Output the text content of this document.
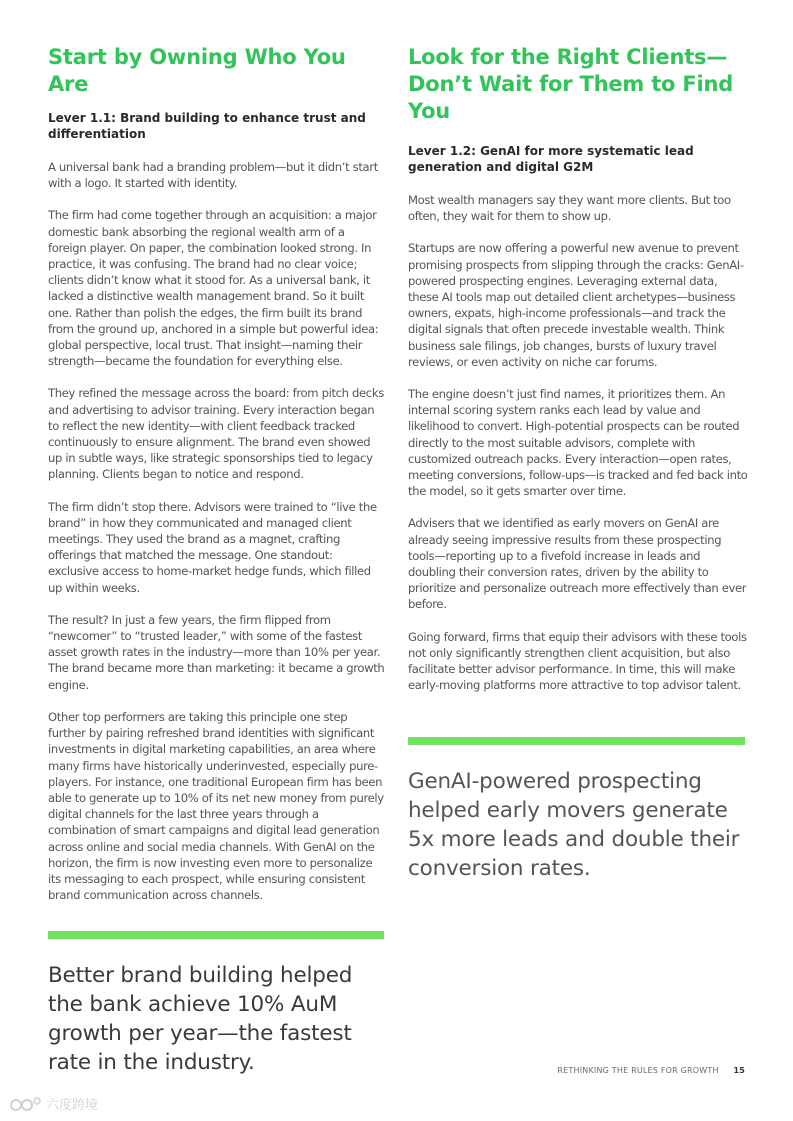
Start by Owning Who You Are
Lever 1.1: Brand building to enhance trust and differentiation

A universal bank had a branding problem—but it didn’t start with a logo. It started with identity.

The firm had come together through an acquisition: a major domestic bank absorbing the regional wealth arm of a foreign player. On paper, the combination looked strong. In practice, it was confusing. The brand had no clear voice; clients didn’t know what it stood for. As a universal bank, it lacked a distinctive wealth management brand. So it built one. Rather than polish the edges, the firm built its brand from the ground up, anchored in a simple but powerful idea: global perspective, local trust. That insight—naming their strength—became the foundation for everything else.

They refined the message across the board: from pitch decks and advertising to advisor training. Every interaction began to reflect the new identity—with client feedback tracked continuously to ensure alignment. The brand even showed up in subtle ways, like strategic sponsorships tied to legacy planning. Clients began to notice and respond.

The firm didn’t stop there. Advisors were trained to “live the brand” in how they communicated and managed client meetings. They used the brand as a magnet, crafting offerings that matched the message. One standout: exclusive access to home-market hedge funds, which filled up within weeks.

The result? In just a few years, the firm flipped from “newcomer” to “trusted leader,” with some of the fastest asset growth rates in the industry—more than 10% per year. The brand became more than marketing: it became a growth engine.

Other top performers are taking this principle one step further by pairing refreshed brand identities with significant investments in digital marketing capabilities, an area where many firms have historically underinvested, especially pure-players. For instance, one traditional European firm has been able to generate up to 10% of its net new money from purely digital channels for the last three years through a combination of smart campaigns and digital lead generation across online and social media channels. With GenAI on the horizon, the firm is now investing even more to personalize its messaging to each prospect, while ensuring consistent brand communication across channels.

Better brand building helped the bank achieve 10% AuM growth per year—the fastest rate in the industry.
Look for the Right Clients—Don’t Wait for Them to Find You
Lever 1.2: GenAI for more systematic lead generation and digital G2M

Most wealth managers say they want more clients. But too often, they wait for them to show up.

Startups are now offering a powerful new avenue to prevent promising prospects from slipping through the cracks: GenAI-powered prospecting engines. Leveraging external data, these AI tools map out detailed client archetypes—business owners, expats, high-income professionals—and track the digital signals that often precede investable wealth. Think business sale filings, job changes, bursts of luxury travel reviews, or even activity on niche car forums.

The engine doesn’t just find names, it prioritizes them. An internal scoring system ranks each lead by value and likelihood to convert. High-potential prospects can be routed directly to the most suitable advisors, complete with customized outreach packs. Every interaction—open rates, meeting conversions, follow-ups—is tracked and fed back into the model, so it gets smarter over time.

Advisers that we identified as early movers on GenAI are already seeing impressive results from these prospecting tools—reporting up to a fivefold increase in leads and doubling their conversion rates, driven by the ability to prioritize and personalize outreach more effectively than ever before.

Going forward, firms that equip their advisors with these tools not only significantly strengthen client acquisition, but also facilitate better advisor performance. In time, this will make early-moving platforms more attractive to top advisor talent.

GenAI-powered prospecting helped early movers generate 5x more leads and double their conversion rates.
RETHINKING THE RULES FOR GROWTH 15
六度跨境
